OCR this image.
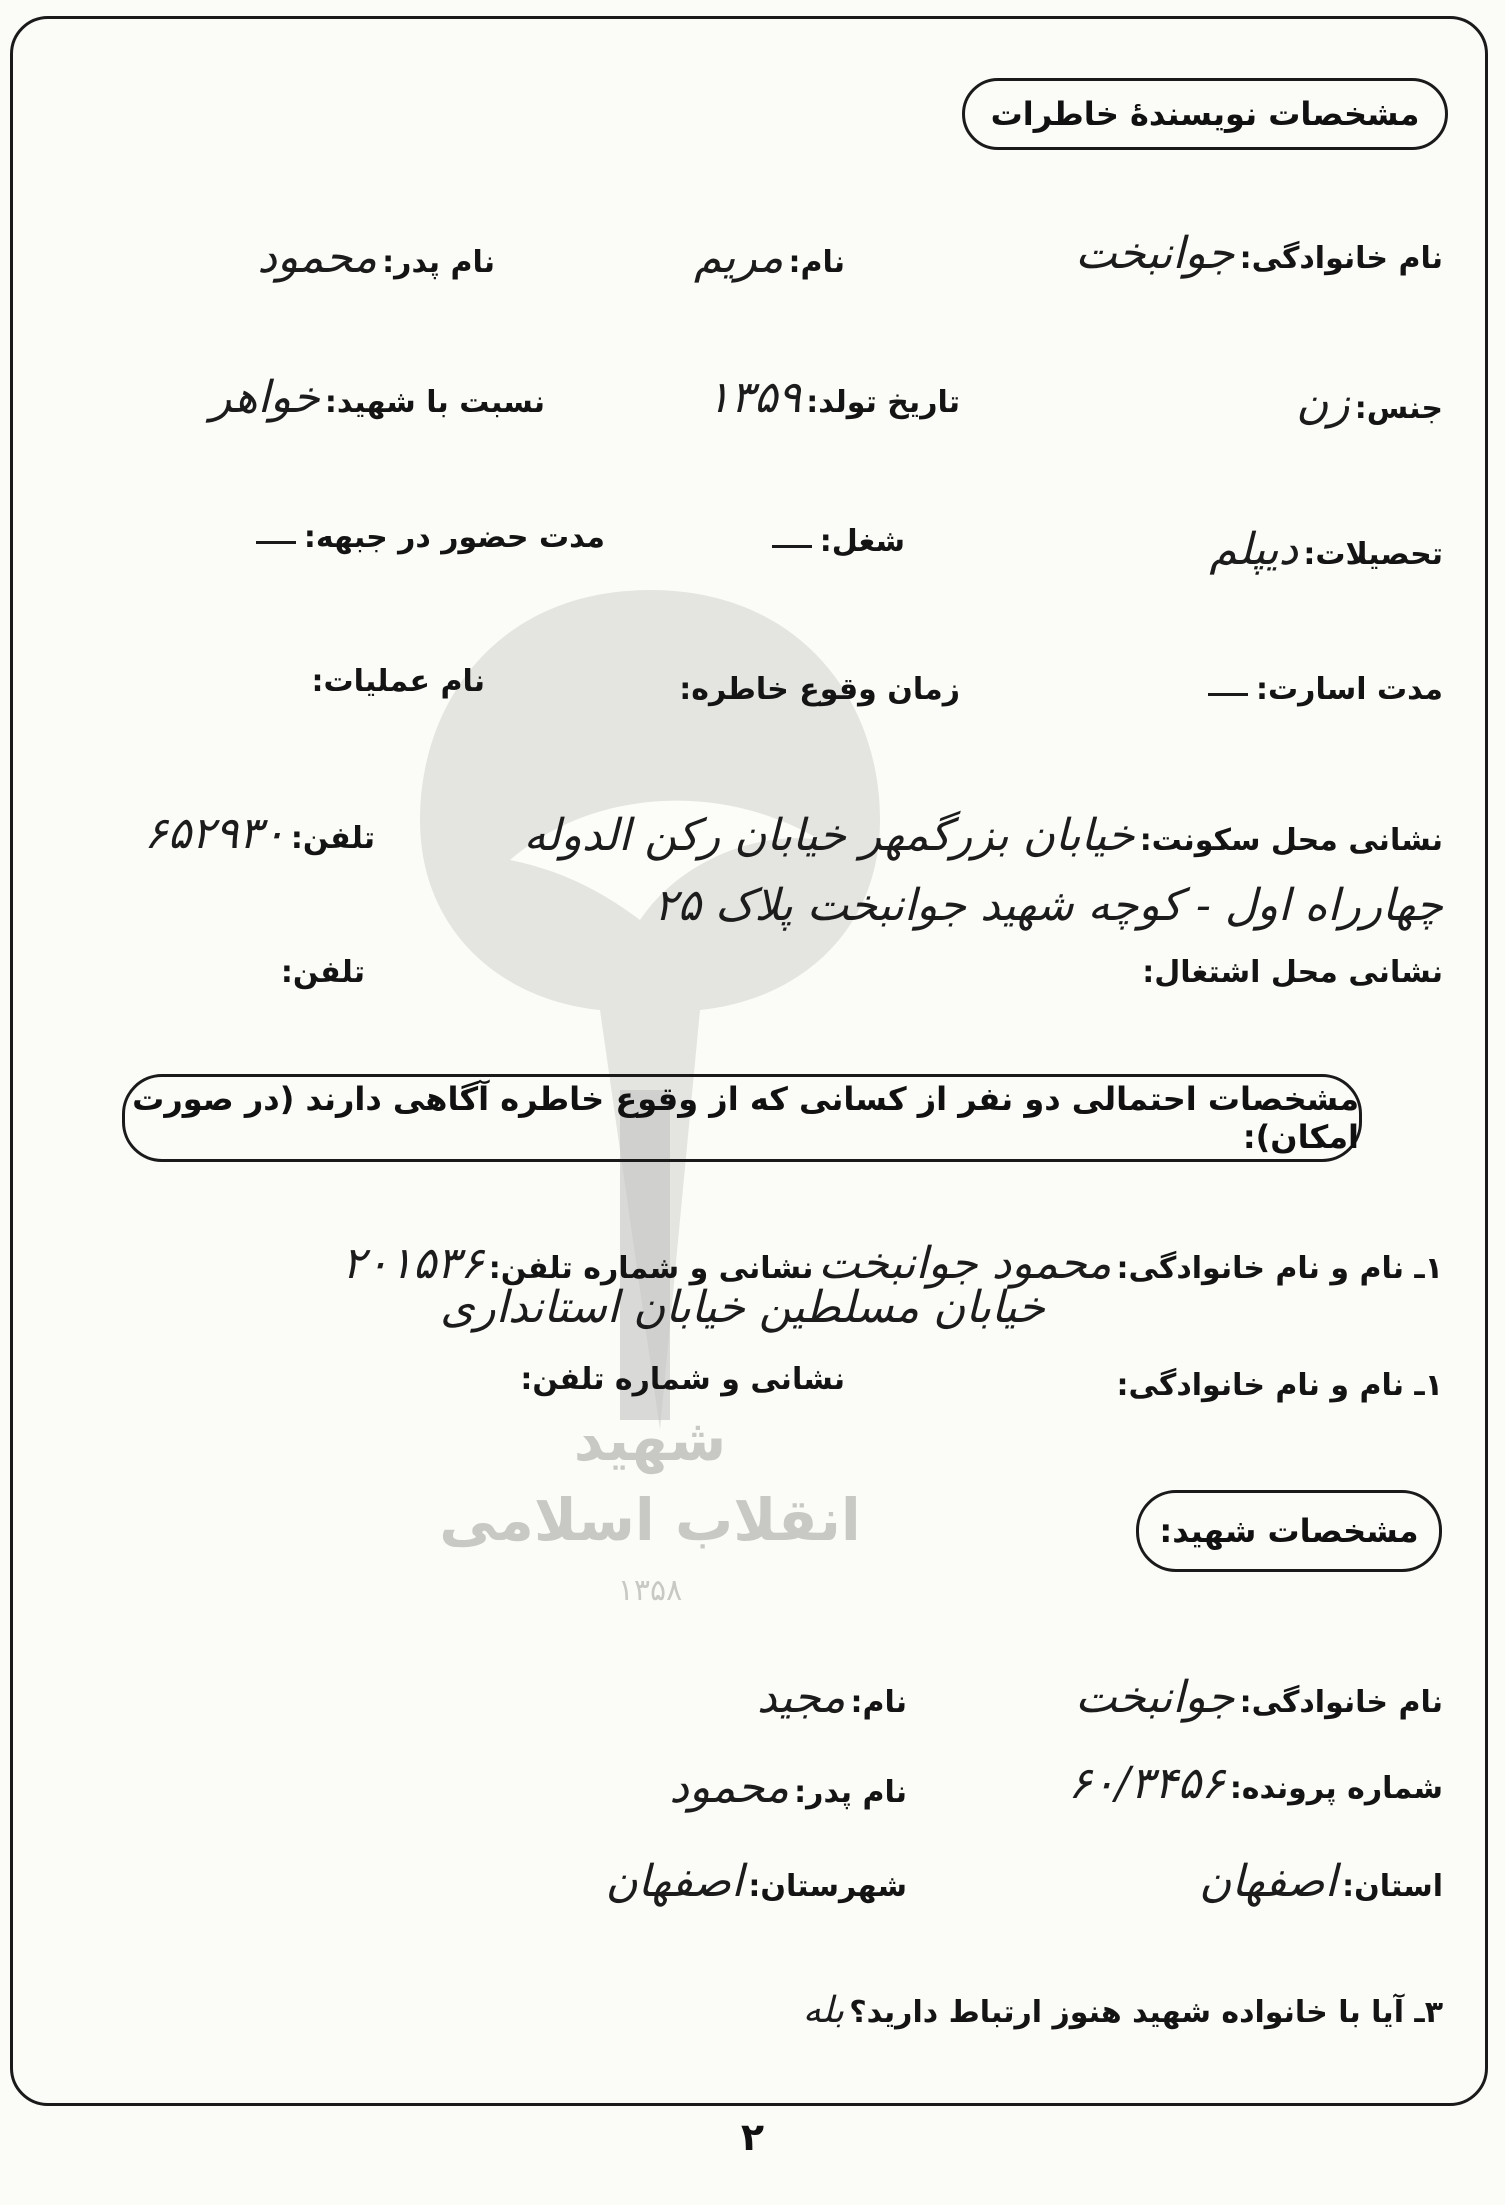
شهید
انقلاب اسلامی
۱۳۵۸
مشخصات نویسندهٔ خاطرات
نام خانوادگی: جوانبخت
نام: مریم
نام پدر: محمود
جنس: زن
تاریخ تولد: ۱۳۵۹
نسبت با شهید: خواهر
تحصیلات: دیپلم
شغل:
مدت حضور در جبهه:
مدت اسارت:
زمان وقوع خاطره:
نام عملیات:
نشانی محل سکونت: خیابان بزرگمهر خیابان رکن الدوله
تلفن: ۶۵۲۹۳۰
چهارراه اول - کوچه شهید جوانبخت پلاک ۲۵
نشانی محل اشتغال:
تلفن:
مشخصات احتمالی دو نفر از کسانی که از وقوع خاطره آگاهی دارند (در صورت امکان):
۱ـ نام و نام خانوادگی: محمود جوانبخت نشانی و شماره تلفن: ۲۰۱۵۳۶
خیابان مسلطین خیابان استانداری
۱ـ نام و نام خانوادگی:
نشانی و شماره تلفن:
مشخصات شهید:
نام خانوادگی: جوانبخت
نام: مجید
شماره پرونده: ۶۰/۳۴۵۶
نام پدر: محمود
استان: اصفهان
شهرستان: اصفهان
۳ـ آیا با خانواده شهید هنوز ارتباط دارید؟ بله
۲
